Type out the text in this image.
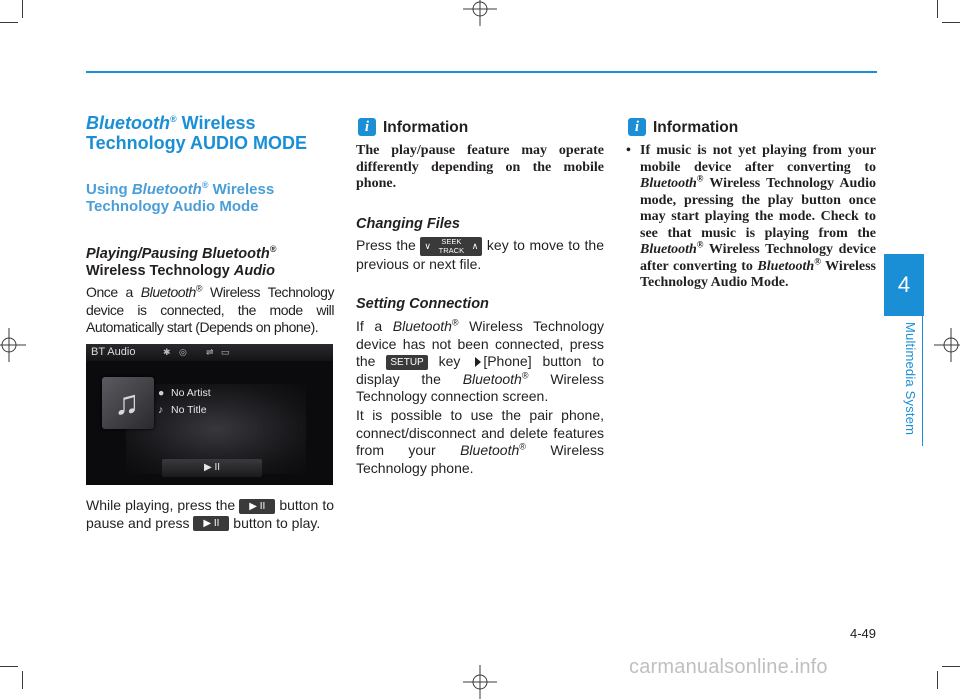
4
Multimedia System
Bluetooth® Wireless
Technology AUDIO MODE
Using Bluetooth® Wireless
Technology Audio Mode
Playing/Pausing Bluetooth®
Wireless Technology Audio
Once a Bluetooth® Wireless Technology device is connected, the mode will Automatically start (Depends on phone).
BT Audio	✱ ◎ ⇌ ▭
♫ ● No Artist
♪ No Title
▶ II
While playing, press the ▶ II button to pause and press ▶ II button to play.
i Information
The play/pause feature may operate differently depending on the mobile phone.
Changing Files
Press the ∨	SEEK
TRACK ∧ key to move to the previous or next file.
Setting Connection
If a Bluetooth® Wireless Technology device has not been connected, press the SETUP key [Phone] button to display the Bluetooth® Wireless Technology connection screen.
It is possible to use the pair phone, connect/disconnect and delete features from your Bluetooth® Wireless Technology phone.
i Information
• If music is not yet playing from your mobile device after converting to Bluetooth® Wireless Technology Audio mode, pressing the play button once may start playing the mode. Check to see that music is playing from the Bluetooth® Wireless Technology device after converting to Bluetooth® Wireless Technology Audio Mode.
4-49
carmanualsonline.info
